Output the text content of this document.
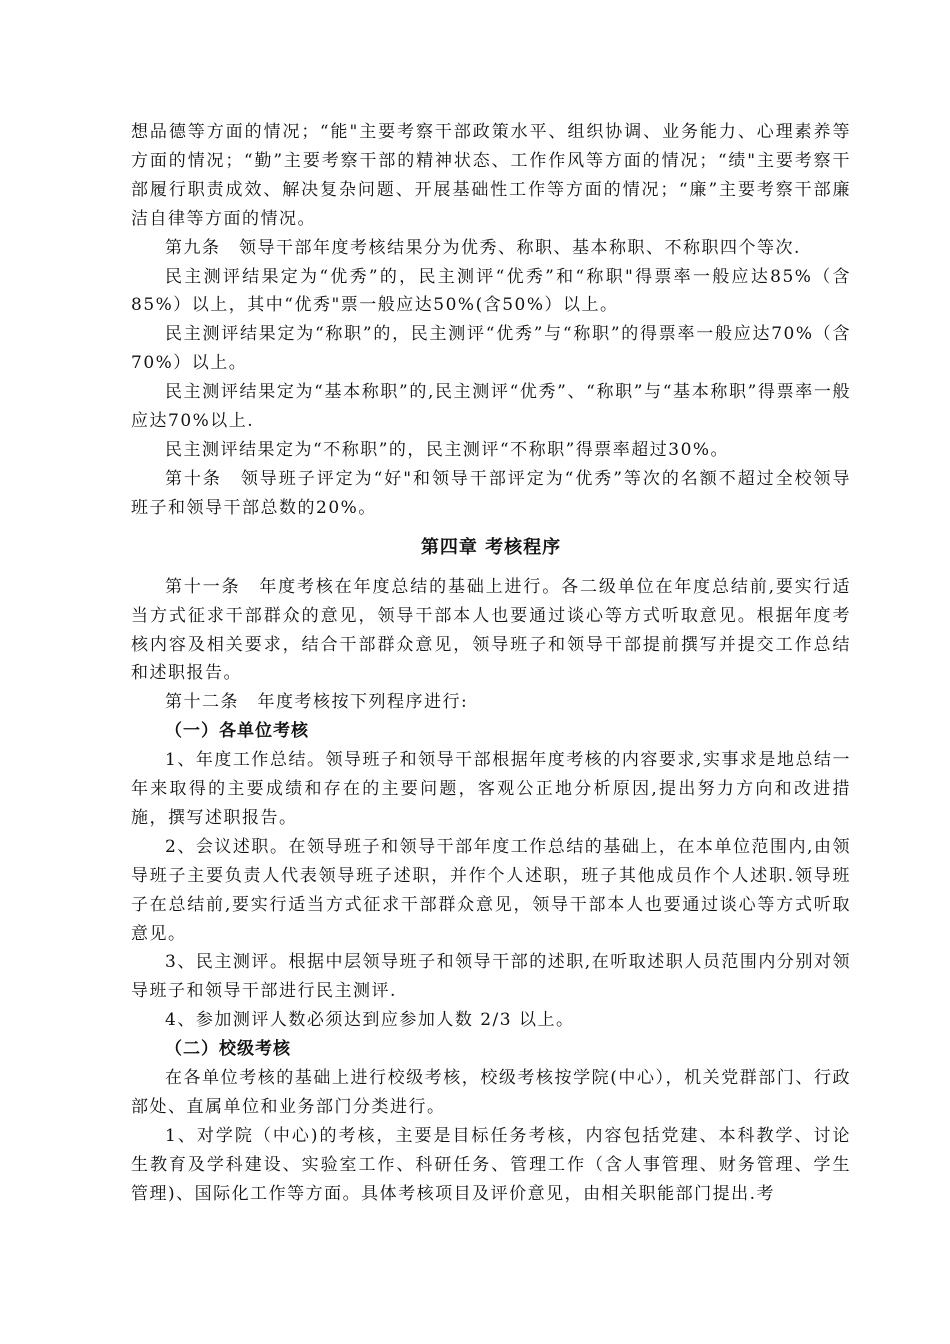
想品德等方面的情况；“能"主要考察干部政策水平、组织协调、业务能力、心理素养等方面的情况；“勤”主要考察干部的精神状态、工作作风等方面的情况；“绩"主要考察干部履行职责成效、解决复杂问题、开展基础性工作等方面的情况；“廉”主要考察干部廉洁自律等方面的情况。

第九条　领导干部年度考核结果分为优秀、称职、基本称职、不称职四个等次.

民主测评结果定为“优秀”的，民主测评“优秀”和“称职"得票率一般应达85%（含85%）以上，其中“优秀"票一般应达50%(含50%）以上。

民主测评结果定为“称职”的，民主测评“优秀”与“称职”的得票率一般应达70%（含70%）以上。

民主测评结果定为“基本称职”的,民主测评“优秀”、“称职”与“基本称职”得票率一般应达70%以上.

民主测评结果定为“不称职”的，民主测评“不称职”得票率超过30%。

第十条　领导班子评定为“好"和领导干部评定为“优秀”等次的名额不超过全校领导班子和领导干部总数的20%。

第四章 考核程序

第十一条　年度考核在年度总结的基础上进行。各二级单位在年度总结前,要实行适当方式征求干部群众的意见，领导干部本人也要通过谈心等方式听取意见。根据年度考核内容及相关要求，结合干部群众意见，领导班子和领导干部提前撰写并提交工作总结和述职报告。

第十二条　年度考核按下列程序进行:

（一）各单位考核

1、年度工作总结。领导班子和领导干部根据年度考核的内容要求,实事求是地总结一年来取得的主要成绩和存在的主要问题，客观公正地分析原因,提出努力方向和改进措施，撰写述职报告。

2、会议述职。在领导班子和领导干部年度工作总结的基础上，在本单位范围内,由领导班子主要负责人代表领导班子述职，并作个人述职，班子其他成员作个人述职.领导班子在总结前,要实行适当方式征求干部群众意见，领导干部本人也要通过谈心等方式听取意见。

3、民主测评。根据中层领导班子和领导干部的述职,在听取述职人员范围内分别对领导班子和领导干部进行民主测评.

4、参加测评人数必须达到应参加人数 2/3 以上。

（二）校级考核

在各单位考核的基础上进行校级考核，校级考核按学院(中心），机关党群部门、行政部处、直属单位和业务部门分类进行。

1、对学院（中心)的考核，主要是目标任务考核，内容包括党建、本科教学、讨论生教育及学科建设、实验室工作、科研任务、管理工作（含人事管理、财务管理、学生管理)、国际化工作等方面。具体考核项目及评价意见，由相关职能部门提出.考
